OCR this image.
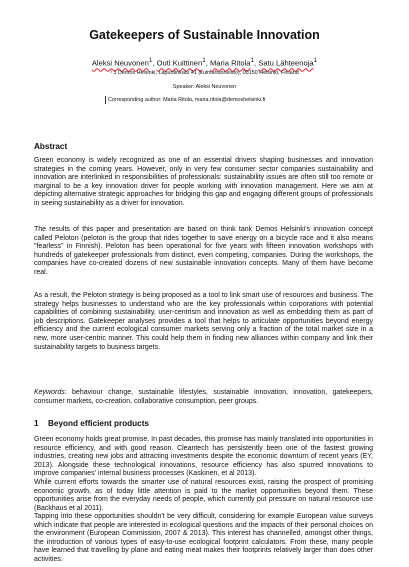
Gatekeepers of Sustainable Innovation
Aleksi Neuvonen$^1$, Outi Kuittinen$^1$, Maria Ritola$^1$, Satu Lähteenoja$^1$
¹ 1 Demos Helsinki, Lapuntinkatu 41 (kulmahuoneisto), 00150 Helsinki, Finland
Speaker: Aleksi Neuvonen
Corresponding author: Maria Ritola, maria.ritola@demoshelsinki.fi
Abstract

Green economy is widely recognized as one of an essential drivers shaping businesses and innovation strategies in the coming years. However, only in very few consumer sector companies sustainability and innovation are interlinked in responsibilities of professionals: sustainability issues are often still too remote or marginal to be a key innovation driver for people working with innovation management. Here we aim at depicting alternative strategic approaches for bridging this gap and engaging different groups of professionals in seeing sustainability as a driver for innovation.

The results of this paper and presentation are based on think tank Demos Helsinki's innovation concept called Peloton (peloton is the group that rides together to save energy on a bicycle race and it also means "fearless" in Finnish). Peloton has been operational for five years with fifteen innovation workshops with hundreds of gatekeeper professionals from distinct, even competing, companies. During the workshops, the companies have co-created dozens of new sustainable innovation concepts. Many of them have become real.

As a result, the Peloton strategy is being proposed as a tool to link smart use of resources and business. The strategy helps businesses to understand who are the key professionals within corporations with potential capabilities of combining sustainability, user-centrism and innovation as well as embedding them as part of job descriptions. Gatekeeper analyses provides a tool that helps to articulate opportunities beyond energy efficiency and the current ecological consumer markets serving only a fraction of the total market size in a new, more user-centric manner. This could help them in finding new alliances within company and link their sustainability targets to business targets.

Keywords: behaviour change, sustainable lifestyles, sustainable innovation, innovation, gatekeepers, consumer markets, co-creation, collaborative consumption, peer groups.

1 Beyond efficient products

Green economy holds great promise. In past decades, this promise has mainly translated into opportunities in resource efficiency, and with good reason. Cleantech has persistently been one of the fastest growing industries, creating new jobs and attracting investments despite the economic downturn of recent years (EY, 2013). Alongside these technological innovations, resource efficiency has also spurred innovations to improve companies' internal business processes (Kaskinen, et al 2013).

While current efforts towards the smarter use of natural resources exist, raising the prospect of promising economic growth, as of today little attention is paid to the market opportunities beyond them. These opportunities arise from the everyday needs of people, which currently put pressure on natural resource use (Backhaus et al 2011).

Tapping into these opportunities shouldn't be very difficult, considering for example European value surveys which indicate that people are interested in ecological questions and the impacts of their personal choices on the environment (European Commission, 2007 & 2013). This interest has channelled, amongst other things, the introduction of various types of easy-to-use ecological footprint calculators. From these, many people have learned that travelling by plane and eating meat makes their footprints relatively larger than does other activities.
